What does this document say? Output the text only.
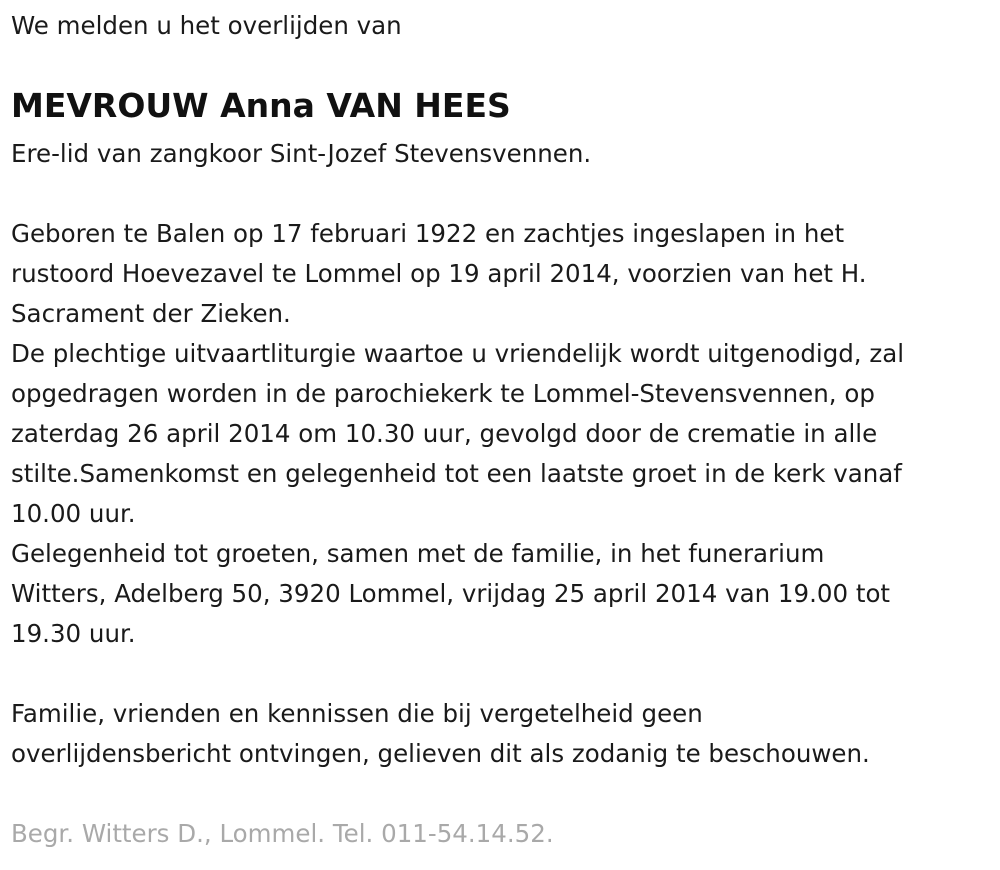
We melden u het overlijden van
MEVROUW Anna VAN HEES
Ere-lid van zangkoor Sint-Jozef Stevensvennen.
Geboren te Balen op 17 februari 1922 en zachtjes ingeslapen in het
rustoord Hoevezavel te Lommel op 19 april 2014, voorzien van het H.
Sacrament der Zieken.
De plechtige uitvaartliturgie waartoe u vriendelijk wordt uitgenodigd, zal
opgedragen worden in de parochiekerk te Lommel-Stevensvennen, op
zaterdag 26 april 2014 om 10.30 uur, gevolgd door de crematie in alle
stilte.Samenkomst en gelegenheid tot een laatste groet in de kerk vanaf
10.00 uur.
Gelegenheid tot groeten, samen met de familie, in het funerarium
Witters, Adelberg 50, 3920 Lommel, vrijdag 25 april 2014 van 19.00 tot
19.30 uur.
Familie, vrienden en kennissen die bij vergetelheid geen
overlijdensbericht ontvingen, gelieven dit als zodanig te beschouwen.
Begr. Witters D., Lommel. Tel. 011-54.14.52.
